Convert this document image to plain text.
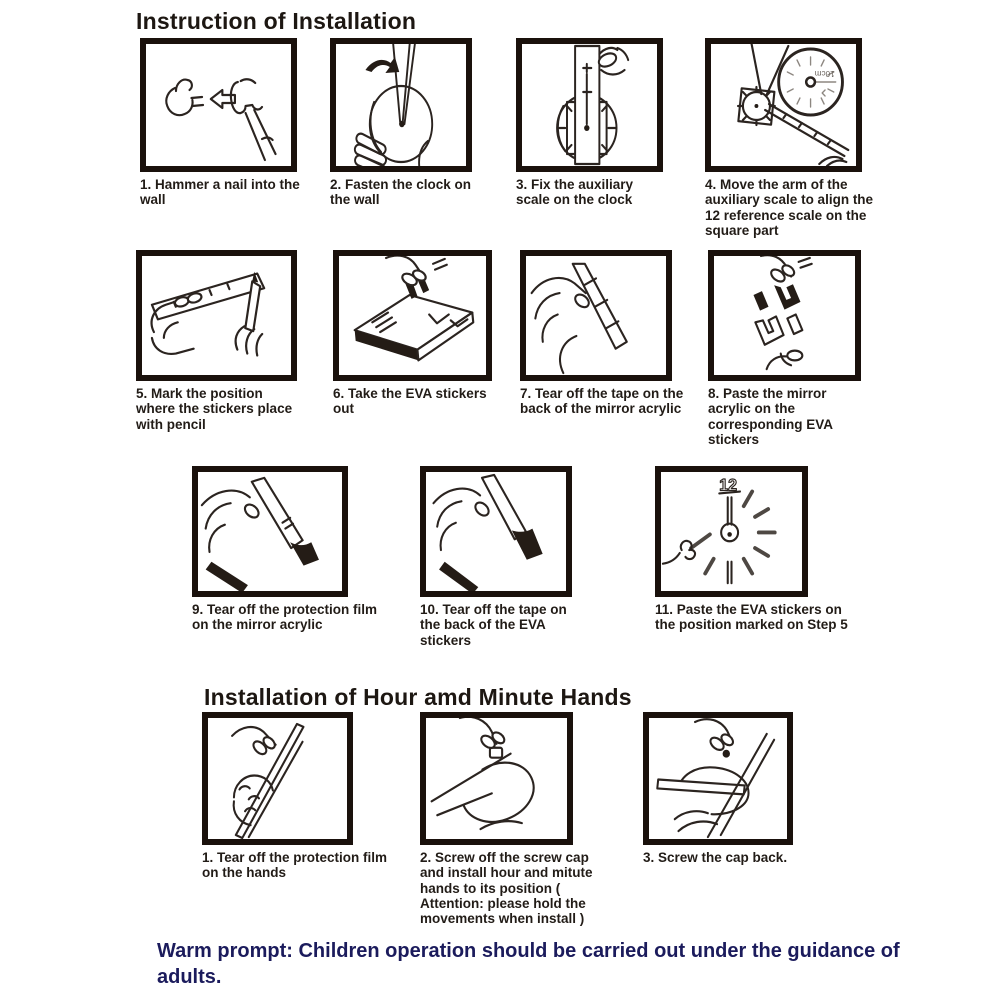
Instruction of Installation
1. Hammer a nail into the wall
2. Fasten the clock on the wall
3. Fix the auxiliary scale on the clock
10cm
4. Move the arm of the auxiliary scale to align the 12 reference scale on the square part
5. Mark the position where the stickers place with pencil
6. Take the EVA stickers out
7. Tear off the tape on the back of the mirror acrylic
8. Paste the mirror acrylic on the corresponding EVA stickers
9. Tear off the protection film on the mirror acrylic
10. Tear off the tape on the back of the EVA stickers
12
11. Paste the EVA stickers on the position marked on Step 5
Installation of Hour amd Minute Hands
1. Tear off the protection film on the hands
2. Screw off the screw cap and install hour and mitute hands to its position ( Attention: please hold the movements when install )
3. Screw the cap back.
Warm prompt: Children operation should be carried out under the guidance of adults.
